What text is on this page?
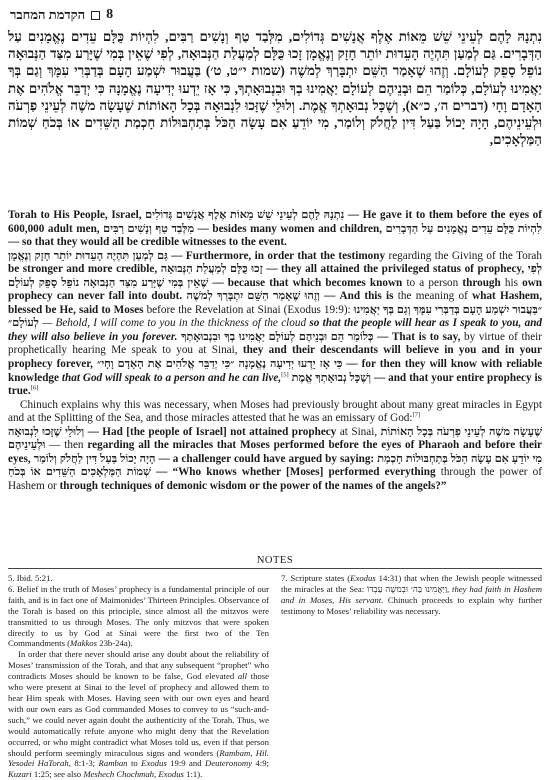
8
הקדמת המחבר
נִתְנָהּ לָהֶם לְעֵינֵי שֵׁשׁ מֵאוֹת אֶלֶף אֲנָשִׁים גְּדוֹלִים, מִלְּבַד טַף וְנָשִׁים רַבִּים, לִהְיוֹת כֻּלָּם עֵדִים נֶאֱמָנִים עַל הַדְּבָרִים. גַּם לְמַעַן תִּהְיֶה הָעֵדוּת יוֹתֵר חָזָק וְנֶאֱמָן זָכוּ כֻּלָּם לְמַעֲלַת הַנְּבוּאָה, לְפִי שֶׁאֵין בְּמִי שֶׁיָּרַע מִצַּד הַנְּבוּאָה נוֹפֵל סָפֵק לְעוֹלָם. וְזֶהוּ שֶׁאָמַר הַשֵּׁם יִתְבָּרַךְ לְמשֶׁה (שמות י״ט, ט׳) בַּעֲבוּר יִשְׁמַע הָעָם בְּדַבְּרִי עִמָּךְ וְגַם בְּךָ יַאֲמִינוּ לְעוֹלָם, כְּלוֹמַר הֵם וּבְנֵיהֶם לְעוֹלָם יַאֲמִינוּ בְךָ וּבִנְבוּאָתְךָ, כִּי אָז יֵדְעוּ יְדִיעָה נֶאֱמָנָה כִּי יְדַבֵּר אֱלֹהִים אֶת הָאָדָם וָחָי (דברים ה׳, כ״א), וְשֶׁכָּל נְבוּאָתְךָ אֱמֶת. וְלוּלֵי שֶׁזָּכוּ לִנְבוּאָה בְּכָל הָאוֹתוֹת שֶׁעָשָׂה משֶׁה לְעֵינֵי פַרְעֹה וּלְעֵינֵיהֶם, הָיָה יָכוֹל בַּעַל דִּין לַחֲלֹק וְלוֹמַר, מִי יוֹדֵעַ אִם עָשָׂה הַכֹּל בְּתַחְבּוּלוֹת חָכְמַת הַשֵּׁדִים אוֹ בְּכֹחַ שְׁמוֹת הַמַּלְאָכִים,

Torah to His People, Israel, נִתְנָהּ לָהֶם לְעֵינֵי שֵׁשׁ מֵאוֹת אֶלֶף אֲנָשִׁים גְּדוֹלִים — He gave it to them before the eyes of 600,000 adult men, מִלְּבַד טַף וְנָשִׁים רַבִּים — besides many women and children, לִהְיוֹת כֻּלָּם עֵדִים נֶאֱמָנִים עַל הַדְּבָרִים — so that they would all be credible witnesses to the event.

גַּם לְמַעַן תִּהְיֶה הָעֵדוּת יוֹתֵר חָזָק וְנֶאֱמָן — Furthermore, in order that the testimony regarding the Giving of the Torah be stronger and more credible, זָכוּ כֻּלָּם לְמַעֲלַת הַנְּבוּאָה — they all attained the privileged status of prophecy, לְפִי שֶׁאֵין בְּמִי שֶׁיָּרַע מִצַּד הַנְּבוּאָה נוֹפֵל סָפֵק לְעוֹלָם — because that which becomes known to a person through his own prophecy can never fall into doubt. וְזֶהוּ שֶׁאָמַר הַשֵּׁם יִתְבָּרַךְ לְמשֶׁה — And this is the meaning of what Hashem, blessed be He, said to Moses before the Revelation at Sinai (Exodus 19:9): ״בַּעֲבוּר יִשְׁמַע הָעָם בְּדַבְּרִי עִמָּךְ וְגַם בְּךָ יַאֲמִינוּ לְעוֹלָם״ — Behold, I will come to you in the thickness of the cloud so that the people will hear as I speak to you, and they will also believe in you forever. כְּלוֹמַר הֵם וּבְנֵיהֶם לְעוֹלָם יַאֲמִינוּ בְךָ וּבִנְבוּאָתְךָ — That is to say, by virtue of their prophetically hearing Me speak to you at Sinai, they and their descendants will believe in you and in your prophecy forever, כִּי אָז יֵדְעוּ יְדִיעָה נֶאֱמָנָה ״כִּי יְדַבֵּר אֱלֹהִים אֶת הָאָדָם וָחָי״ — for then they will know with reliable knowledge that God will speak to a person and he can live,[5] וְשֶׁכָּל נְבוּאָתְךָ אֱמֶת — and that your entire prophecy is true.[6]

Chinuch explains why this was necessary, when Moses had previously brought about many great miracles in Egypt and at the Splitting of the Sea, and those miracles attested that he was an emissary of God:[7]

וְלוּלֵי שֶׁזָּכוּ לִנְבוּאָה — Had [the people of Israel] not attained prophecy at Sinai, בְּכָל הָאוֹתוֹת שֶׁעָשָׂה משֶׁה לְעֵינֵי פַרְעֹה וּלְעֵינֵיהֶם — then regarding all the miracles that Moses performed before the eyes of Pharaoh and before their eyes, הָיָה יָכוֹל בַּעַל דִּין לַחֲלֹק וְלוֹמַר — a challenger could have argued by saying: מִי יוֹדֵעַ אִם עָשָׂה הַכֹּל בְּתַחְבּוּלוֹת חָכְמַת הַשֵּׁדִים אוֹ בְּכֹחַ שְׁמוֹת הַמַּלְאָכִים — “Who knows whether [Moses] performed everything through the power of Hashem or through techniques of demonic wisdom or the power of the names of the angels?”

NOTES

5. Ibid. 5:21.

6. Belief in the truth of Moses’ prophecy is a fundamental principle of our faith, and is in fact one of Maimonides’ Thirteen Principles. Observance of the Torah is based on this principle, since almost all the mitzvos were transmitted to us through Moses. The only mitzvos that were spoken directly to us by God at Sinai were the first two of the Ten Commandments (Makkos 23b-24a).

In order that there never should arise any doubt about the reliability of Moses’ transmission of the Torah, and that any subsequent “prophet” who contradicts Moses should be known to be false, God elevated all those who were present at Sinai to the level of prophecy and allowed them to hear Him speak with Moses. Having seen with our own eyes and heard with our own ears as God commanded Moses to convey to us “such-and-such,” we could never again doubt the authenticity of the Torah. Thus, we would automatically refute anyone who might deny that the Revelation occurred, or who might contradict what Moses told us, even if that person should perform seemingly miraculous signs and wonders (Rambam, Hil. Yesodei HaTorah, 8:1-3; Ramban to Exodus 19:9 and Deuteronomy 4:9; Kuzari 1:25; see also Meshech Chochmah, Exodus 1:1).

7. Scripture states (Exodus 14:31) that when the Jewish people witnessed the miracles at the Sea: וַיַּאֲמִינוּ בַּה׳ וּבְמשֶׁה עַבְדּוֹ, they had faith in Hashem and in Moses, His servant. Chinuch proceeds to explain why further testimony to Moses’ reliability was necessary.
